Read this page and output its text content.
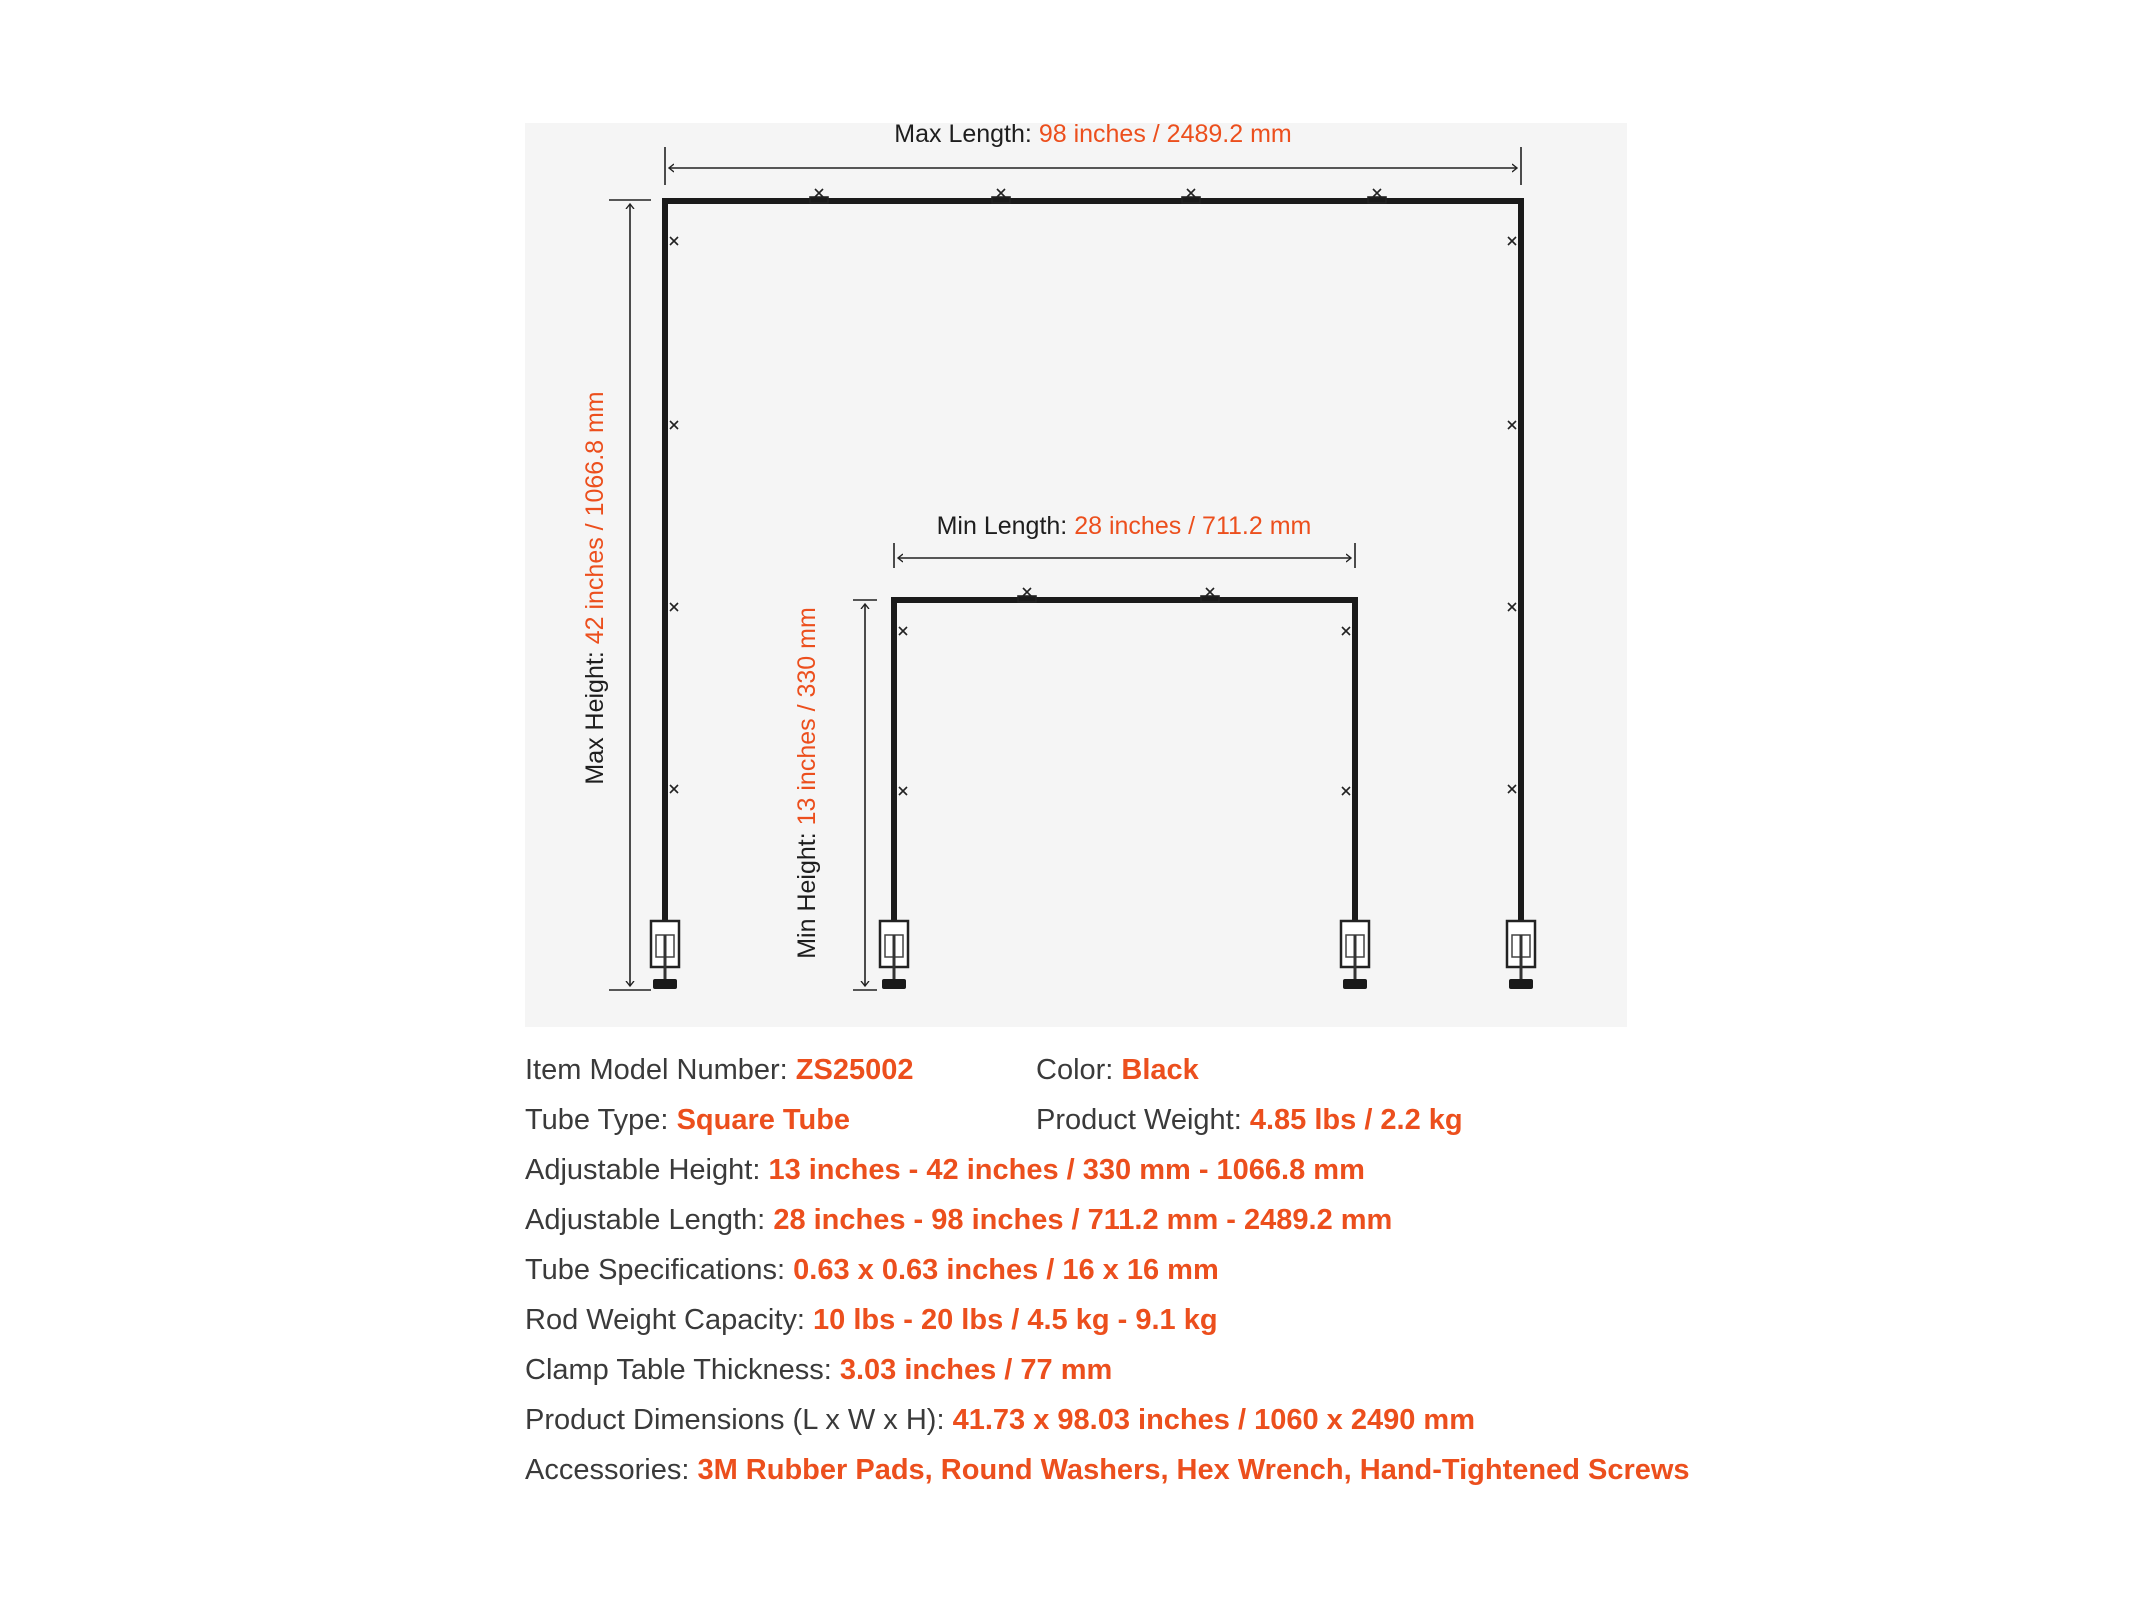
Max Length: 98 inches / 2489.2 mm
Max Height: 42 inches / 1066.8 mm	Min Length: 28 inches / 711.2 mm
Min Height: 13 inches / 330 mm
Item Model Number: ZS25002	Color: Black
Tube Type: Square Tube	Product Weight: 4.85 lbs / 2.2 kg
Adjustable Height: 13 inches - 42 inches / 330 mm - 1066.8 mm
Adjustable Length: 28 inches - 98 inches / 711.2 mm - 2489.2 mm
Tube Specifications: 0.63 x 0.63 inches / 16 x 16 mm
Rod Weight Capacity: 10 lbs - 20 lbs / 4.5 kg - 9.1 kg
Clamp Table Thickness: 3.03 inches / 77 mm
Product Dimensions (L x W x H): 41.73 x 98.03 inches / 1060 x 2490 mm
Accessories: 3M Rubber Pads, Round Washers, Hex Wrench, Hand-Tightened Screws
